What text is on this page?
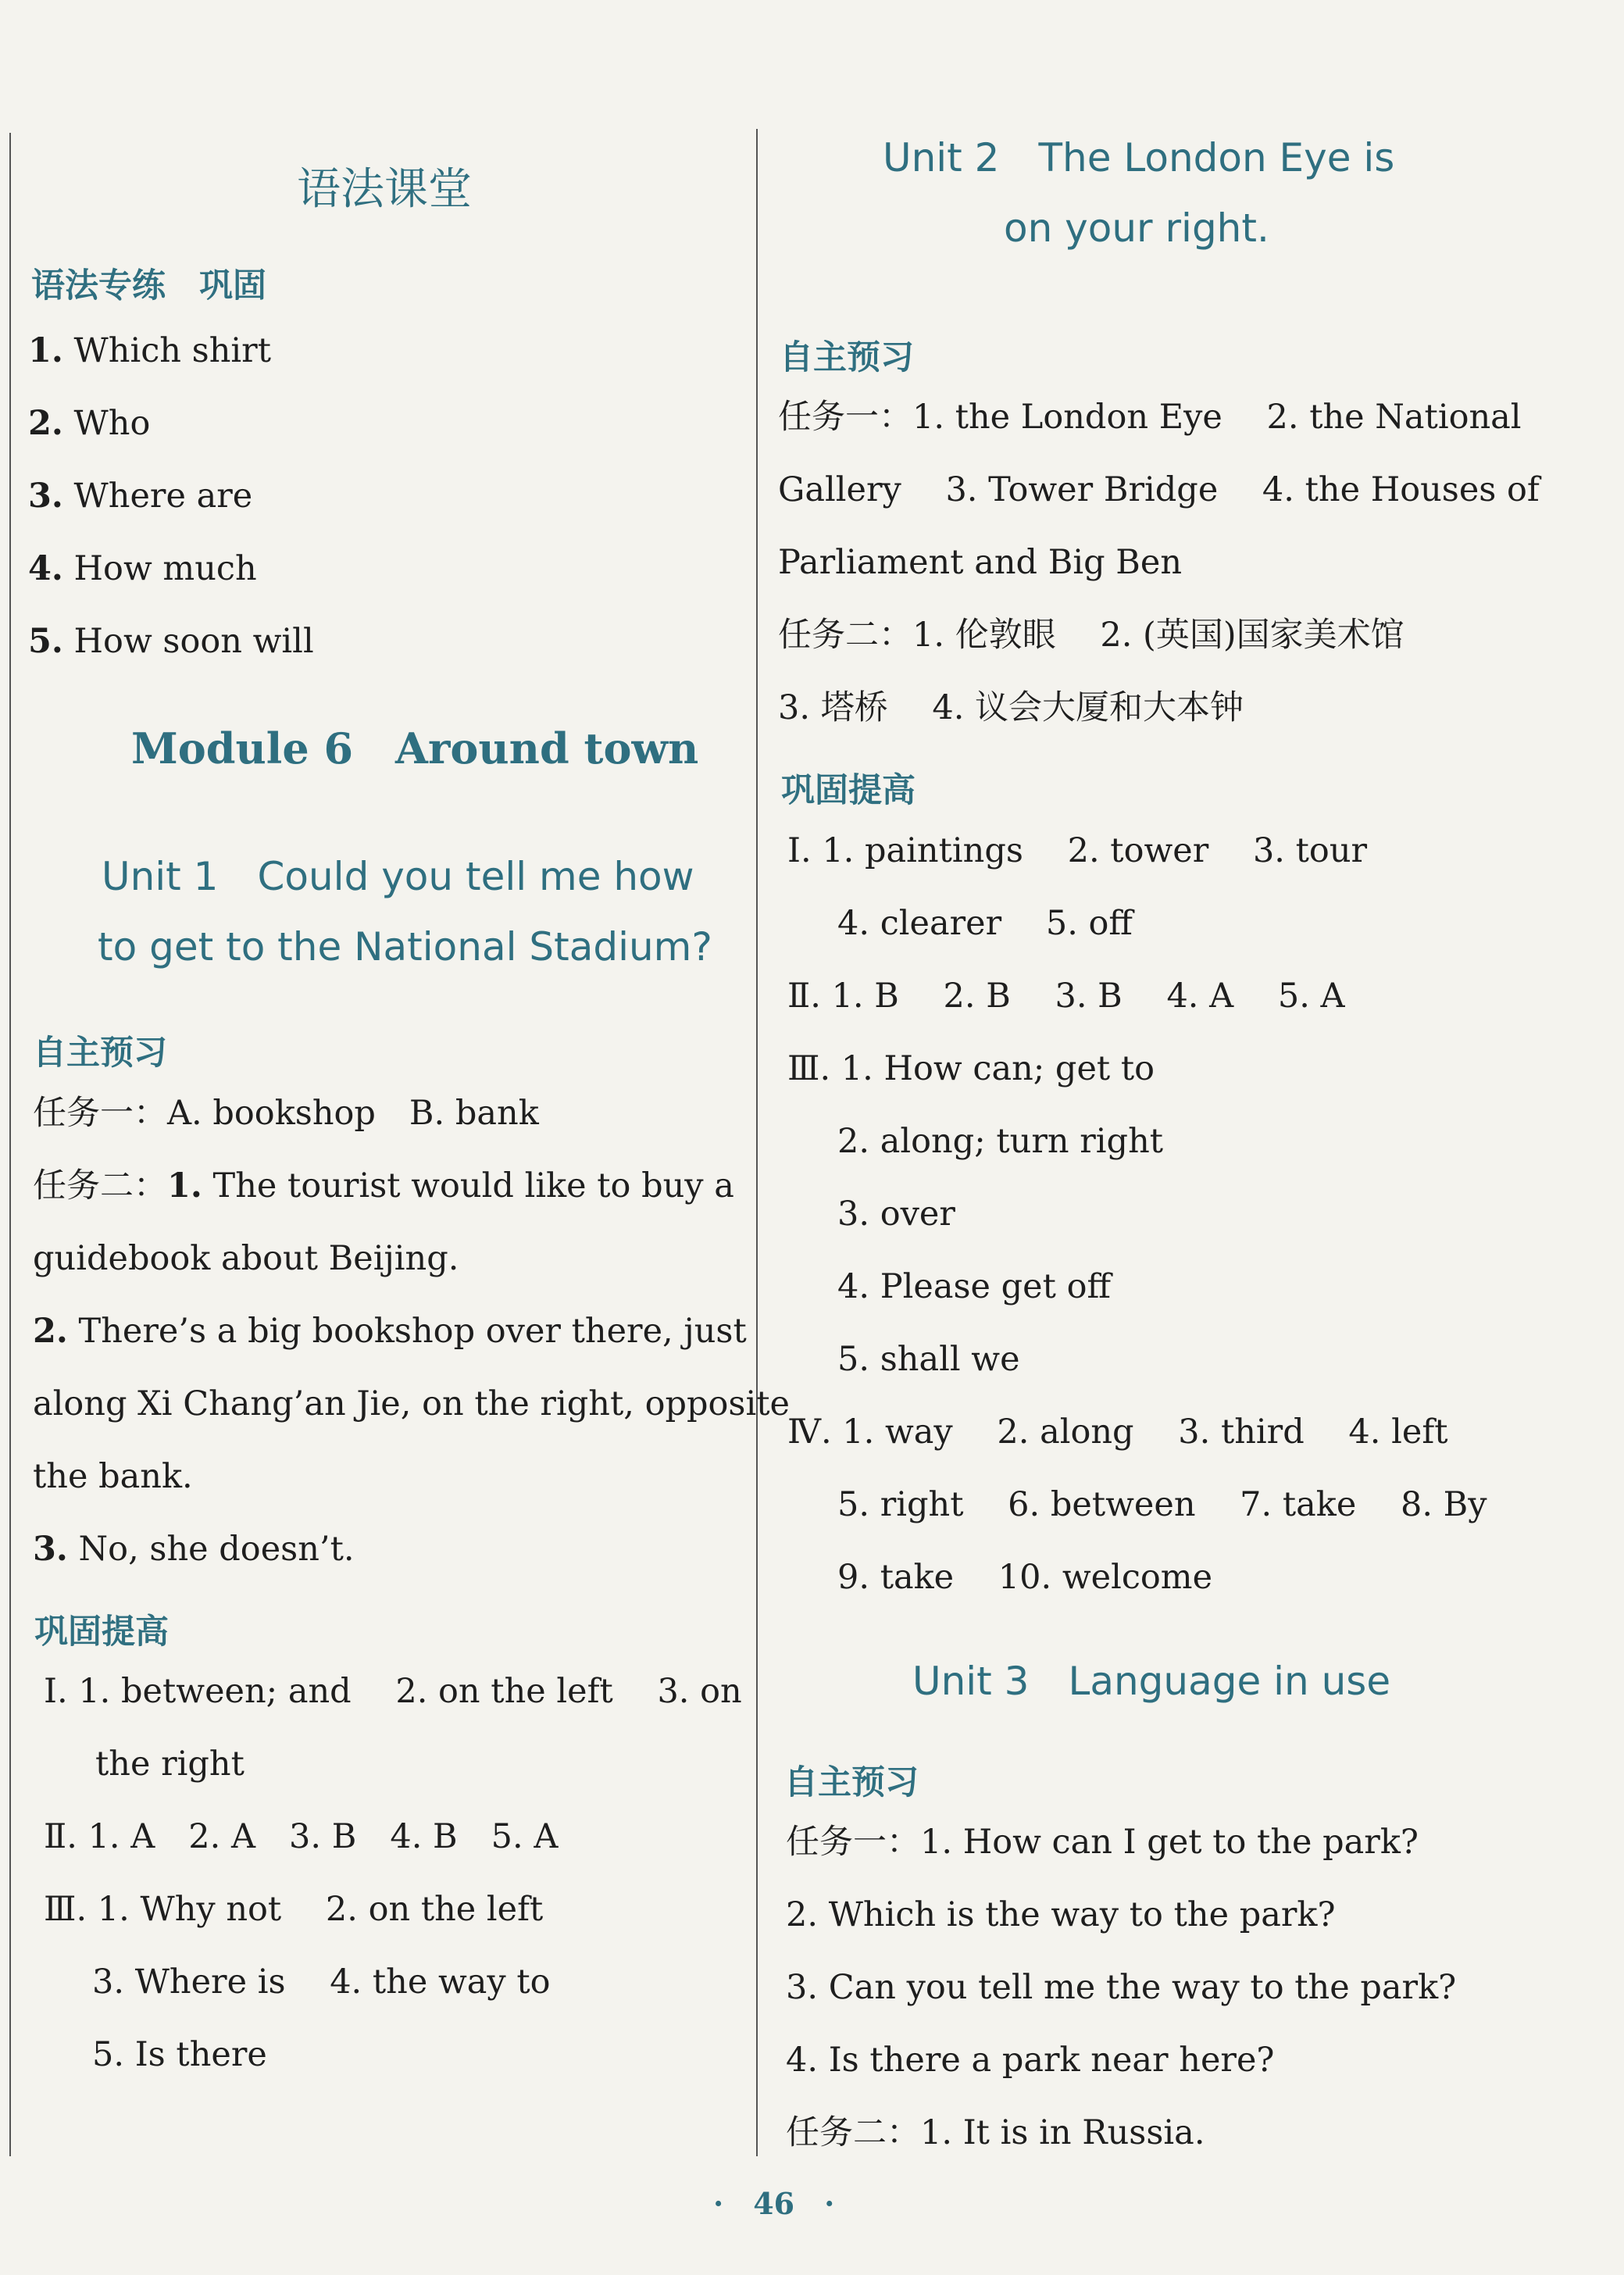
语法课堂
语法专练　巩固
1. Which shirt
2. Who
3. Where are
4. How much
5. How soon will
Module 6　Around town
Unit 1　Could you tell me how
to get to the National Stadium?
自主预习
任务一：A. bookshop　B. bank
任务二：1. The tourist would like to buy a
guidebook about Beijing.
2. There’s a big bookshop over there, just
along Xi Chang’an Jie, on the right, opposite
the bank.
3. No, she doesn’t.
巩固提高
Ⅰ. 1. between; and　 2. on the left　 3. on
the right
Ⅱ. 1. A　2. A　3. B　4. B　5. A
Ⅲ. 1. Why not　 2. on the left
3. Where is　 4. the way to
5. Is there
Unit 2　The London Eye is
on your right.
自主预习
任务一：1. the London Eye　 2. the National
Gallery　 3. Tower Bridge　 4. the Houses of
Parliament and Big Ben
任务二：1. 伦敦眼　 2. (英国)国家美术馆
3. 塔桥　 4. 议会大厦和大本钟
巩固提高
Ⅰ. 1. paintings　 2. tower　 3. tour
4. clearer　 5. off
Ⅱ. 1. B　 2. B　 3. B　 4. A　 5. A
Ⅲ. 1. How can; get to
2. along; turn right
3. over
4. Please get off
5. shall we
Ⅳ. 1. way　 2. along　 3. third　 4. left
5. right　 6. between　 7. take　 8. By
9. take　 10. welcome
Unit 3　Language in use
自主预习
任务一：1. How can I get to the park?
2. Which is the way to the park?
3. Can you tell me the way to the park?
4. Is there a park near here?
任务二：1. It is in Russia.
·　46　·
